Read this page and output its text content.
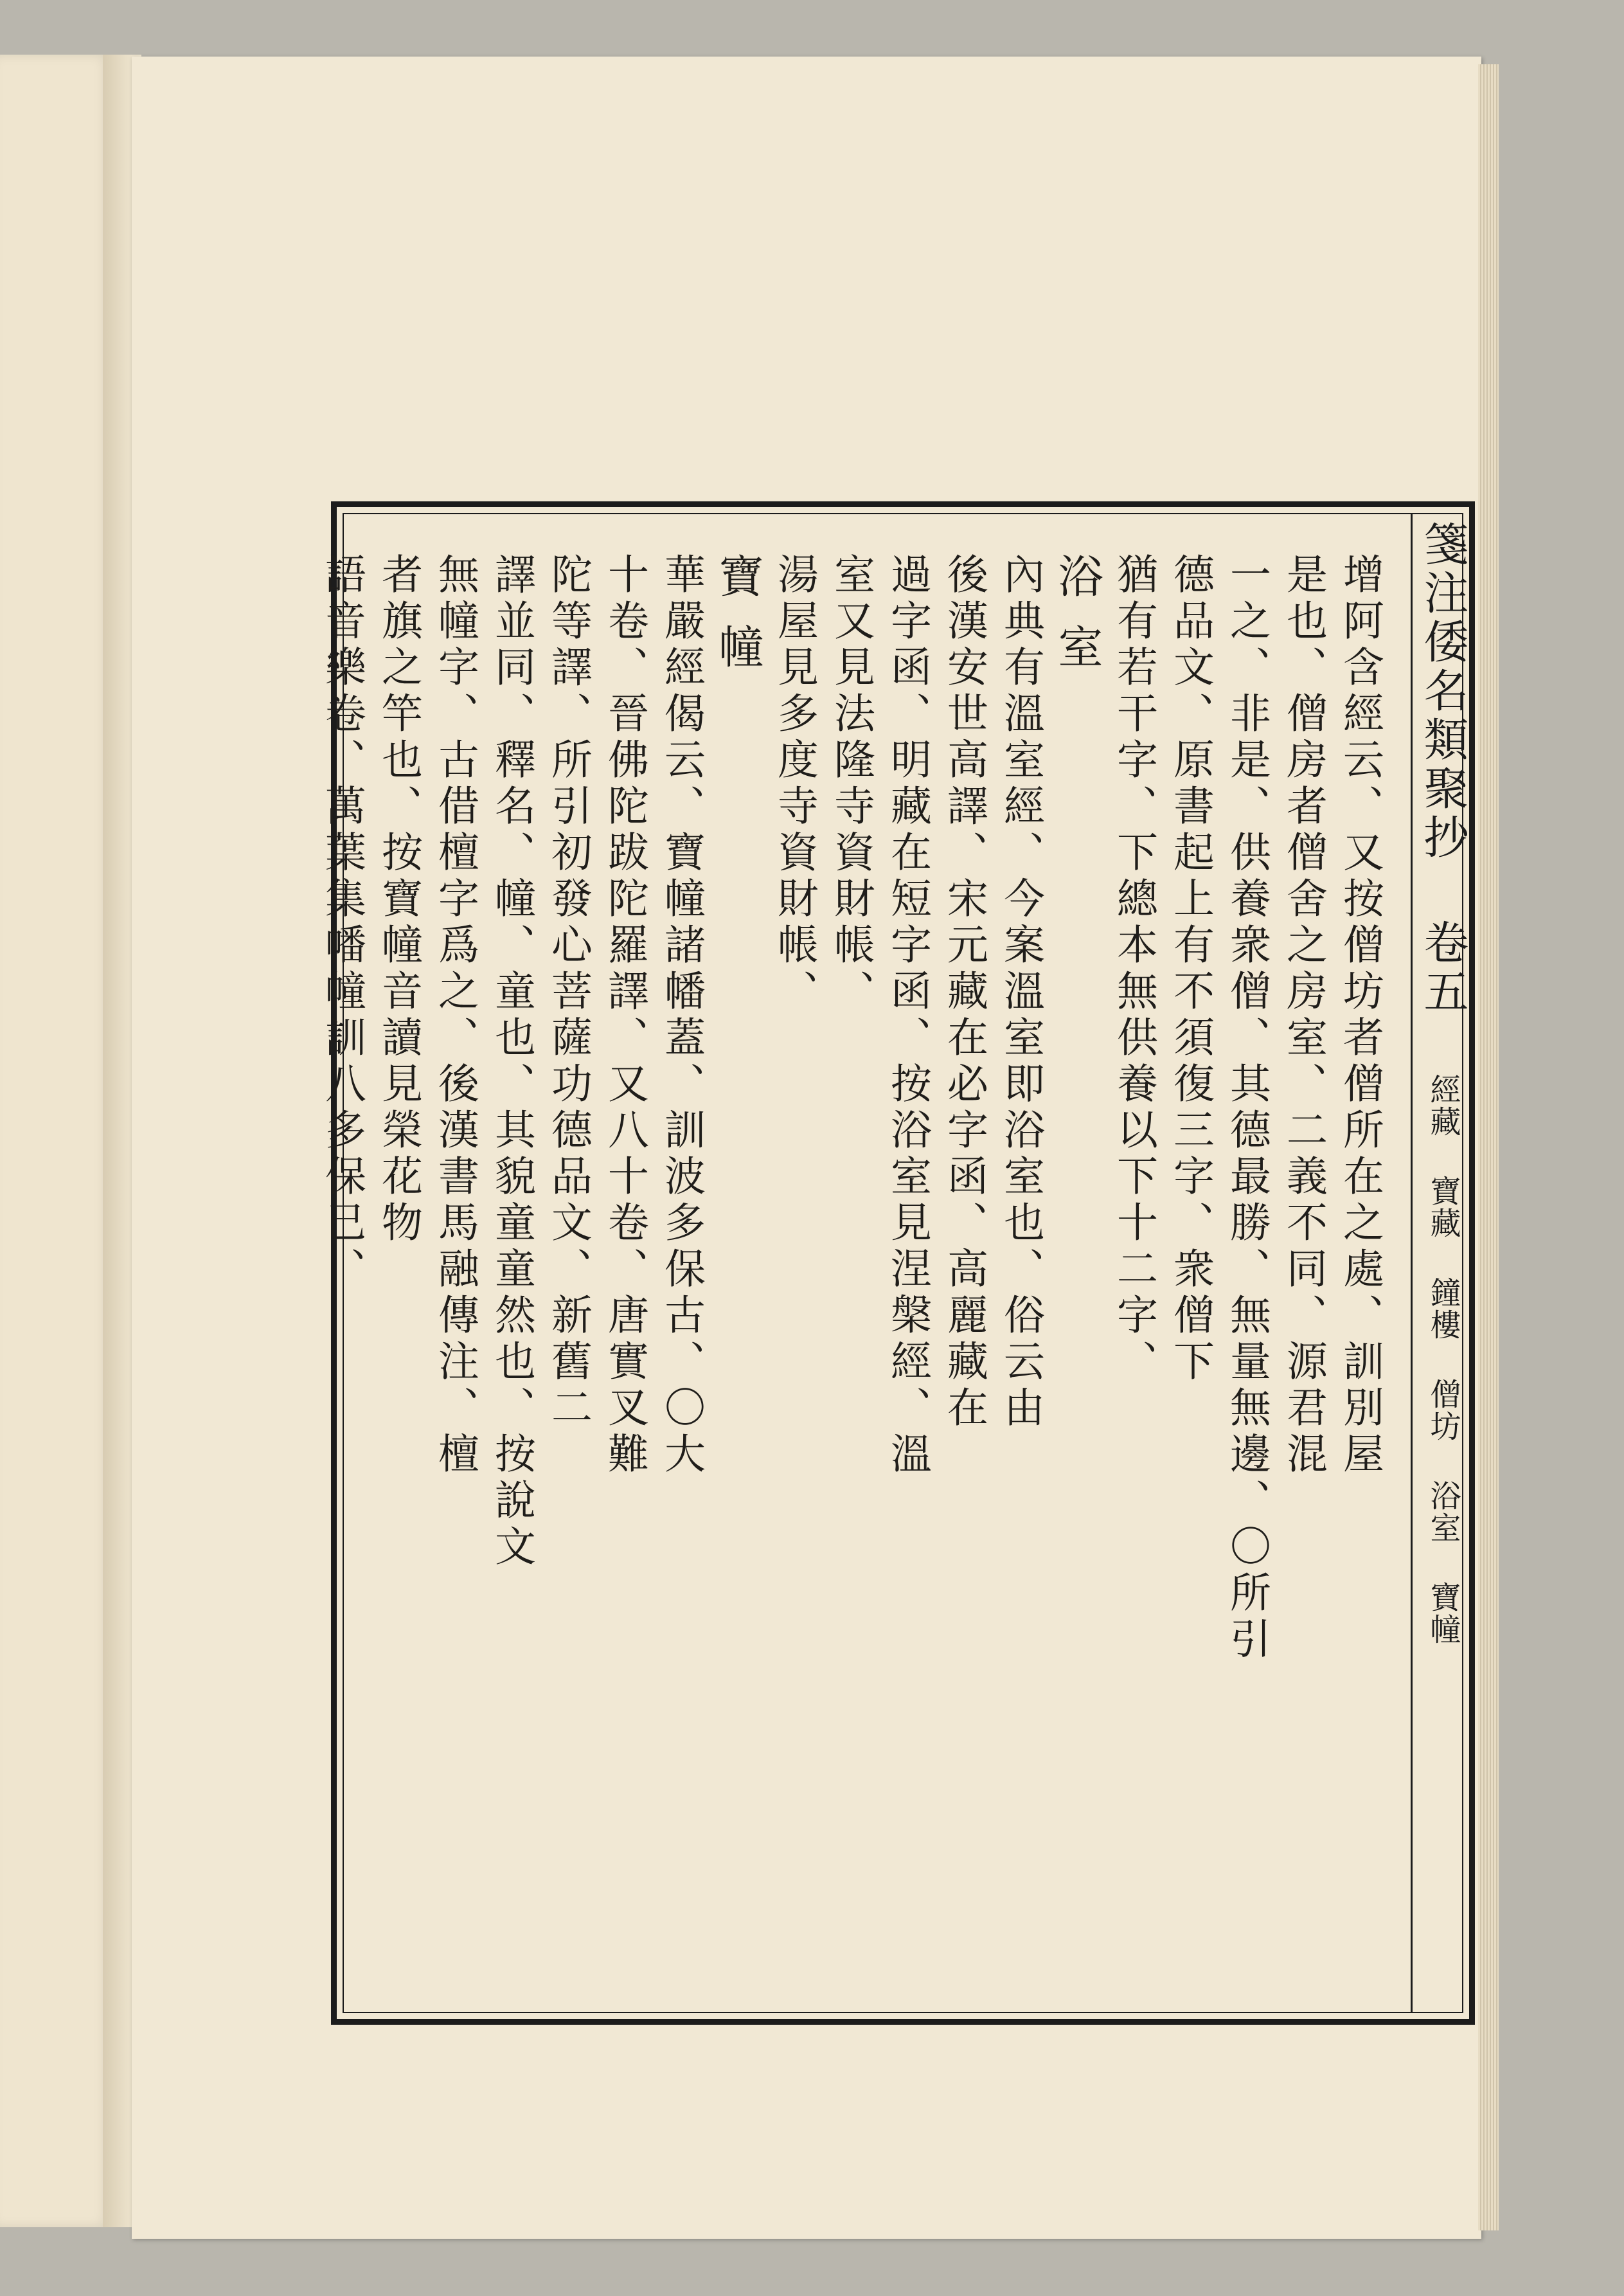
箋注倭名類聚抄 卷五 經藏 寶藏 鐘樓 僧坊 浴室 寶幢
增阿含經云、又按僧坊者僧所在之處、訓別屋
是也、僧房者僧舍之房室、二義不同、源君混
一之、非是、供養衆僧、其德最勝、無量無邊、〇所引
德品文、原書起上有不須復三字、衆僧下
猶有若干字、下總本無供養以下十二字、
浴室
內典有溫室經、今案溫室即浴室也、俗云由
後漢安世高譯、宋元藏在必字函、高麗藏在
過字函、明藏在短字函、按浴室見涅槃經、溫
室又見法隆寺資財帳、
湯屋見多度寺資財帳、
寶幢
華嚴經偈云、寶幢諸幡蓋、訓波多保古、〇大
十卷、晉佛陀跋陀羅譯、又八十卷、唐實叉難
陀等譯、所引初發心菩薩功德品文、新舊二
譯並同、釋名、幢、童也、其貌童童然也、按說文
無幢字、古借檀字爲之、後漢書馬融傳注、檀
者旗之竿也、按寶幢音讀見榮花物
語音樂卷、萬葉集幡幢訓八多保己、
